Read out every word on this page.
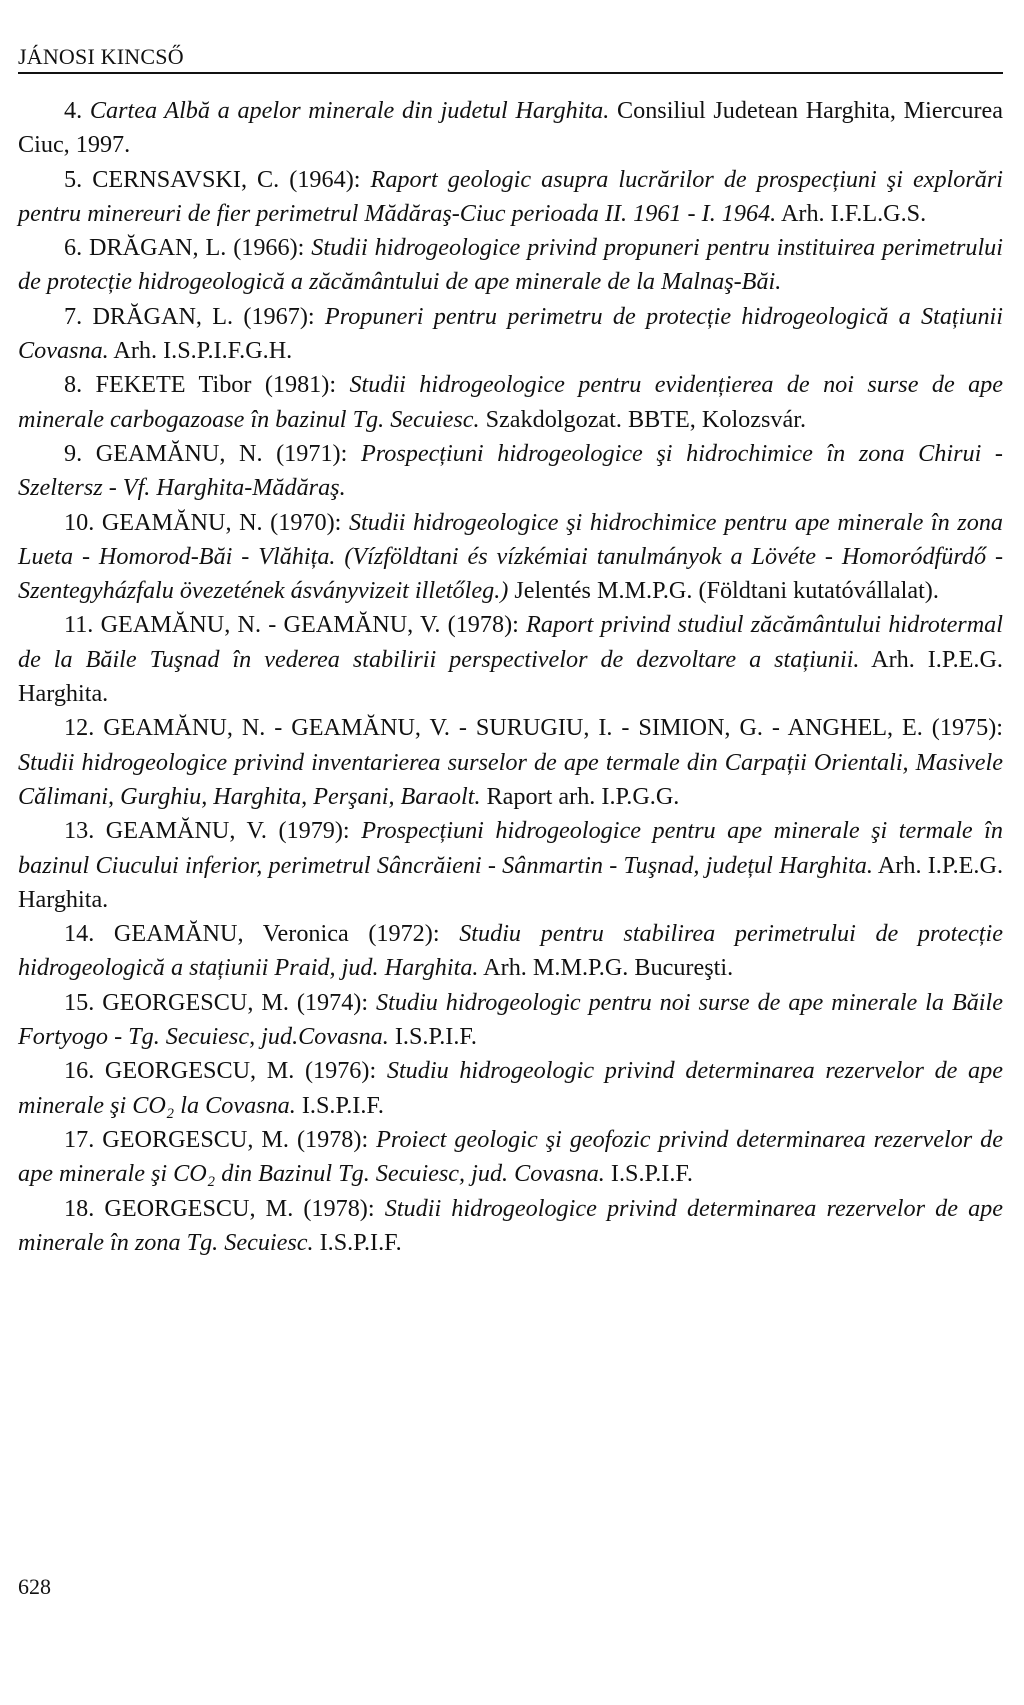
JÁNOSI KINCSŐ

4. Cartea Albă a apelor minerale din judetul Harghita. Consiliul Judetean Harghita, Miercurea Ciuc, 1997.

5. CERNSAVSKI, C. (1964): Raport geologic asupra lucrărilor de prospecțiuni şi explorări pentru minereuri de fier perimetrul Mădăraş-Ciuc perioada II. 1961 - I. 1964. Arh. I.F.L.G.S.

6. DRĂGAN, L. (1966): Studii hidrogeologice privind propuneri pentru instituirea perimetrului de protecție hidrogeologică a zăcământului de ape minerale de la Malnaş-Băi.

7. DRĂGAN, L. (1967): Propuneri pentru perimetru de protecție hidrogeologică a Stațiunii Covasna. Arh. I.S.P.I.F.G.H.

8. FEKETE Tibor (1981): Studii hidrogeologice pentru evidențierea de noi surse de ape minerale carbogazoase în bazinul Tg. Secuiesc. Szakdolgozat. BBTE, Kolozsvár.

9. GEAMĂNU, N. (1971): Prospecțiuni hidrogeologice şi hidrochimice în zona Chirui - Szeltersz - Vf. Harghita-Mădăraş.

10. GEAMĂNU, N. (1970): Studii hidrogeologice şi hidrochimice pentru ape minerale în zona Lueta - Homorod-Băi - Vlăhița. (Vízföldtani és vízkémiai tanulmányok a Lövéte - Homoródfürdő - Szentegyházfalu övezetének ásványvizeit illetőleg.) Jelentés M.M.P.G. (Földtani kutatóvállalat).

11. GEAMĂNU, N. - GEAMĂNU, V. (1978): Raport privind studiul zăcământului hidrotermal de la Băile Tuşnad în vederea stabilirii perspectivelor de dezvoltare a stațiunii. Arh. I.P.E.G. Harghita.

12. GEAMĂNU, N. - GEAMĂNU, V. - SURUGIU, I. - SIMION, G. - ANGHEL, E. (1975): Studii hidrogeologice privind inventarierea surselor de ape termale din Carpații Orientali, Masivele Călimani, Gurghiu, Harghita, Perşani, Baraolt. Raport arh. I.P.G.G.

13. GEAMĂNU, V. (1979): Prospecțiuni hidrogeologice pentru ape minerale şi termale în bazinul Ciucului inferior, perimetrul Sâncrăieni - Sânmartin - Tuşnad, județul Harghita. Arh. I.P.E.G. Harghita.

14. GEAMĂNU, Veronica (1972): Studiu pentru stabilirea perimetrului de protecție hidrogeologică a stațiunii Praid, jud. Harghita. Arh. M.M.P.G. Bucureşti.

15. GEORGESCU, M. (1974): Studiu hidrogeologic pentru noi surse de ape minerale la Băile Fortyogo - Tg. Secuiesc, jud.Covasna. I.S.P.I.F.

16. GEORGESCU, M. (1976): Studiu hidrogeologic privind determinarea rezervelor de ape minerale şi CO₂ la Covasna. I.S.P.I.F.

17. GEORGESCU, M. (1978): Proiect geologic şi geofozic privind determinarea rezervelor de ape minerale şi CO₂ din Bazinul Tg. Secuiesc, jud. Covasna. I.S.P.I.F.

18. GEORGESCU, M. (1978): Studii hidrogeologice privind determinarea rezervelor de ape minerale în zona Tg. Secuiesc. I.S.P.I.F.

628
